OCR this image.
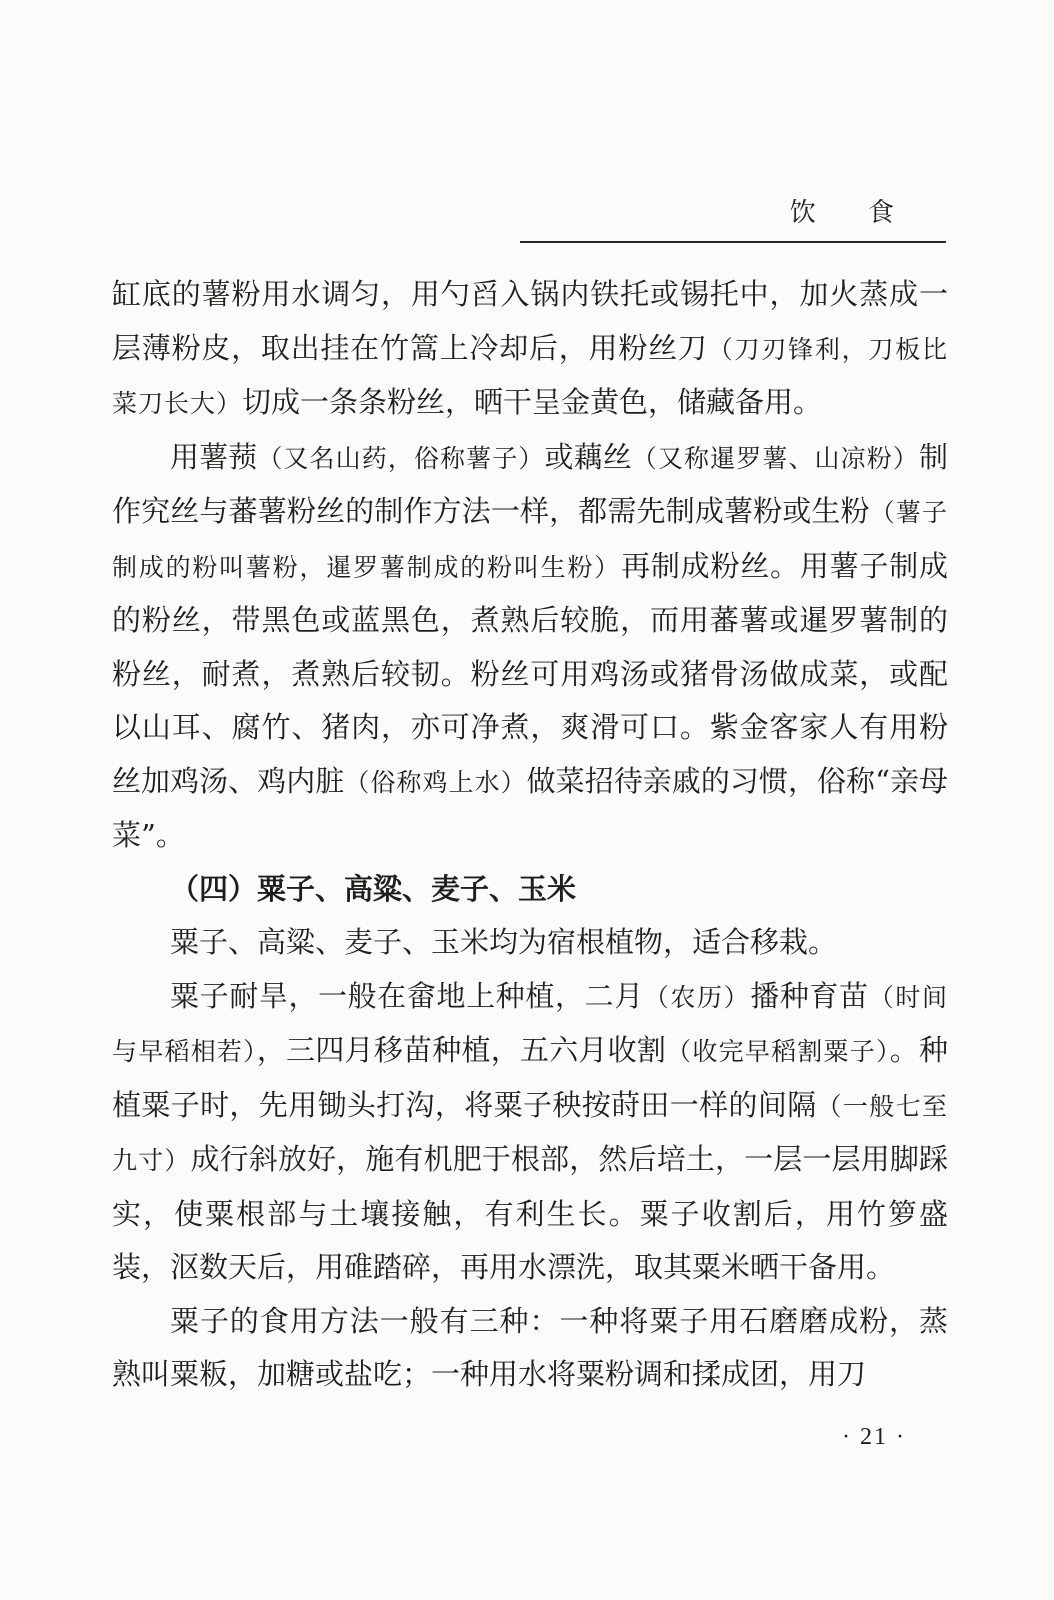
饮 食

缸底的薯粉用水调匀，用勺舀入锅内铁托或锡托中，加火蒸成一层薄粉皮，取出挂在竹篙上冷却后，用粉丝刀（刀刃锋利，刀板比菜刀长大）切成一条条粉丝，晒干呈金黄色，储藏备用。

用薯蓣（又名山药，俗称薯子）或藕丝（又称暹罗薯、山凉粉）制作究丝与蕃薯粉丝的制作方法一样，都需先制成薯粉或生粉（薯子制成的粉叫薯粉，暹罗薯制成的粉叫生粉）再制成粉丝。用薯子制成的粉丝，带黑色或蓝黑色，煮熟后较脆，而用蕃薯或暹罗薯制的粉丝，耐煮，煮熟后较韧。粉丝可用鸡汤或猪骨汤做成菜，或配以山耳、腐竹、猪肉，亦可净煮，爽滑可口。紫金客家人有用粉丝加鸡汤、鸡内脏（俗称鸡上水）做菜招待亲戚的习惯，俗称“亲母菜”。

（四）粟子、高粱、麦子、玉米

粟子、高粱、麦子、玉米均为宿根植物，适合移栽。

粟子耐旱，一般在畲地上种植，二月（农历）播种育苗（时间与早稻相若），三四月移苗种植，五六月收割（收完早稻割粟子）。种植粟子时，先用锄头打沟，将粟子秧按莳田一样的间隔（一般七至九寸）成行斜放好，施有机肥于根部，然后培土，一层一层用脚踩实，使粟根部与土壤接触，有利生长。粟子收割后，用竹箩盛装，沤数天后，用碓踏碎，再用水漂洗，取其粟米晒干备用。

粟子的食用方法一般有三种：一种将粟子用石磨磨成粉，蒸熟叫粟粄，加糖或盐吃；一种用水将粟粉调和揉成团，用刀

· 21 ·
